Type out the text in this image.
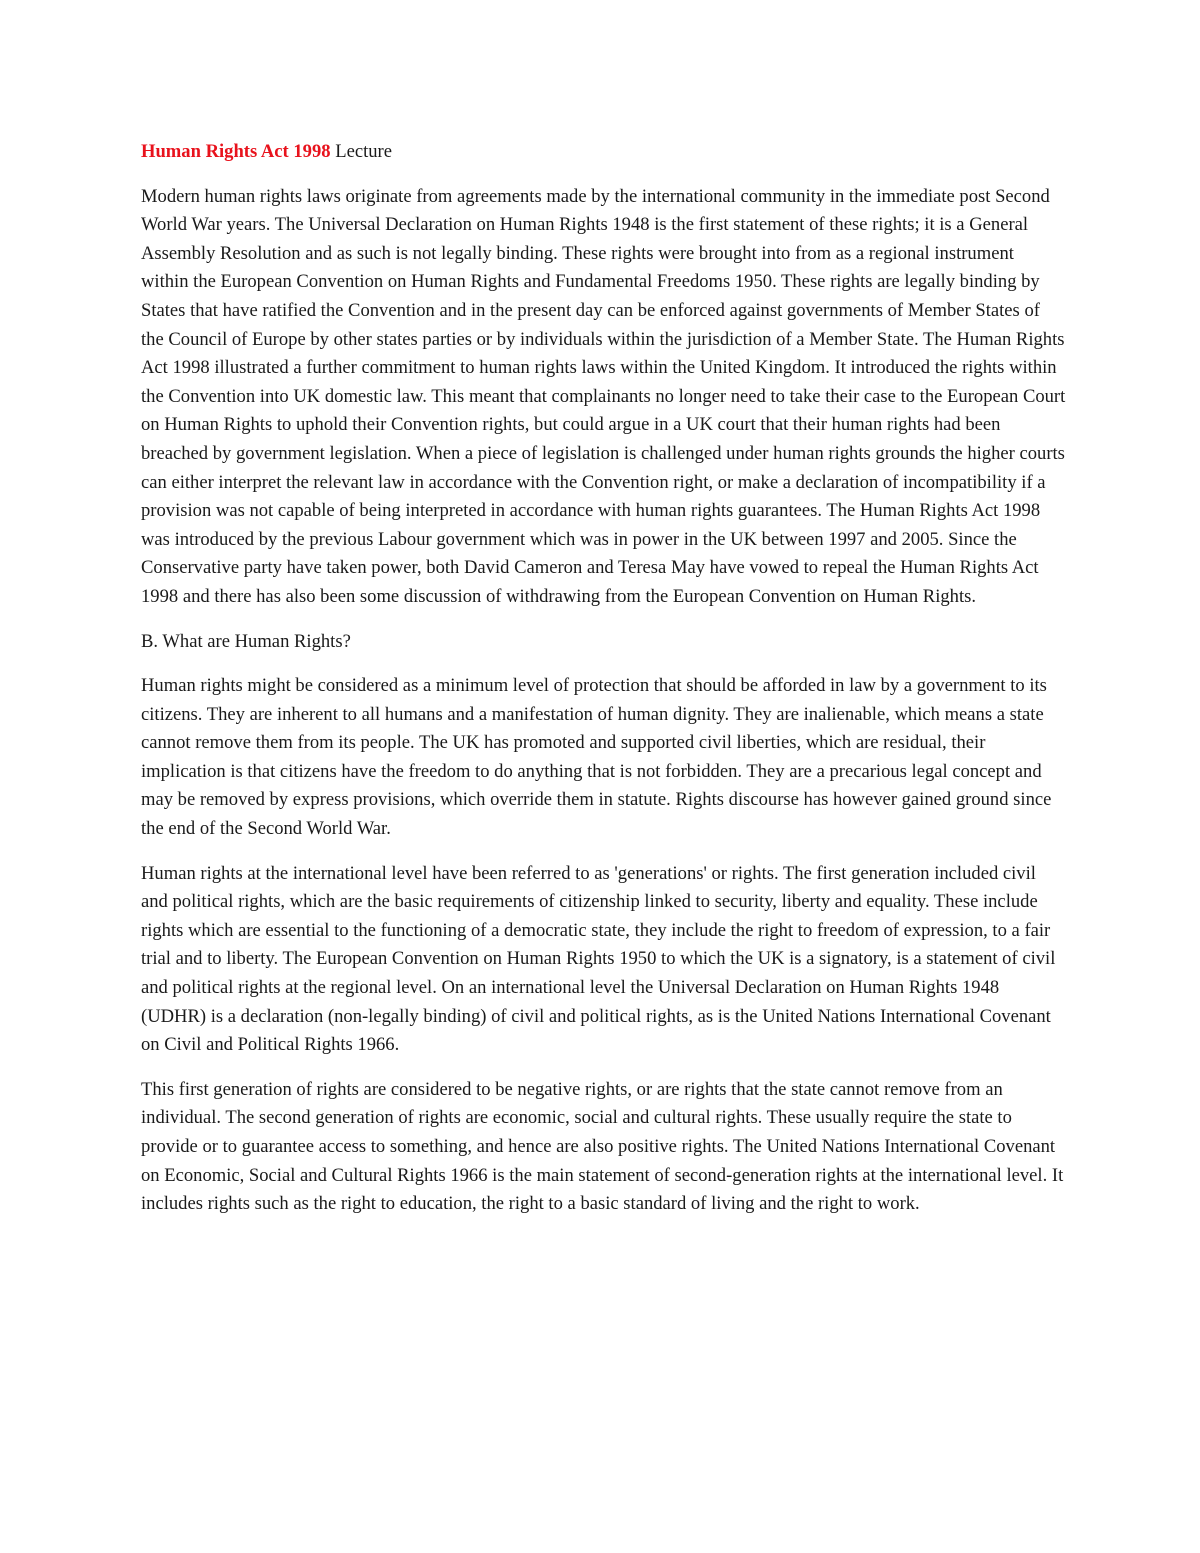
Human Rights Act 1998 Lecture

Modern human rights laws originate from agreements made by the international community in the immediate post Second World War years. The Universal Declaration on Human Rights 1948 is the first statement of these rights; it is a General Assembly Resolution and as such is not legally binding. These rights were brought into from as a regional instrument within the European Convention on Human Rights and Fundamental Freedoms 1950. These rights are legally binding by States that have ratified the Convention and in the present day can be enforced against governments of Member States of the Council of Europe by other states parties or by individuals within the jurisdiction of a Member State. The Human Rights Act 1998 illustrated a further commitment to human rights laws within the United Kingdom. It introduced the rights within the Convention into UK domestic law. This meant that complainants no longer need to take their case to the European Court on Human Rights to uphold their Convention rights, but could argue in a UK court that their human rights had been breached by government legislation. When a piece of legislation is challenged under human rights grounds the higher courts can either interpret the relevant law in accordance with the Convention right, or make a declaration of incompatibility if a provision was not capable of being interpreted in accordance with human rights guarantees. The Human Rights Act 1998 was introduced by the previous Labour government which was in power in the UK between 1997 and 2005. Since the Conservative party have taken power, both David Cameron and Teresa May have vowed to repeal the Human Rights Act 1998 and there has also been some discussion of withdrawing from the European Convention on Human Rights.

B. What are Human Rights?

Human rights might be considered as a minimum level of protection that should be afforded in law by a government to its citizens. They are inherent to all humans and a manifestation of human dignity. They are inalienable, which means a state cannot remove them from its people. The UK has promoted and supported civil liberties, which are residual, their implication is that citizens have the freedom to do anything that is not forbidden. They are a precarious legal concept and may be removed by express provisions, which override them in statute. Rights discourse has however gained ground since the end of the Second World War.

Human rights at the international level have been referred to as 'generations' or rights. The first generation included civil and political rights, which are the basic requirements of citizenship linked to security, liberty and equality. These include rights which are essential to the functioning of a democratic state, they include the right to freedom of expression, to a fair trial and to liberty. The European Convention on Human Rights 1950 to which the UK is a signatory, is a statement of civil and political rights at the regional level. On an international level the Universal Declaration on Human Rights 1948 (UDHR) is a declaration (non-legally binding) of civil and political rights, as is the United Nations International Covenant on Civil and Political Rights 1966.

This first generation of rights are considered to be negative rights, or are rights that the state cannot remove from an individual. The second generation of rights are economic, social and cultural rights. These usually require the state to provide or to guarantee access to something, and hence are also positive rights. The United Nations International Covenant on Economic, Social and Cultural Rights 1966 is the main statement of second-generation rights at the international level. It includes rights such as the right to education, the right to a basic standard of living and the right to work.
